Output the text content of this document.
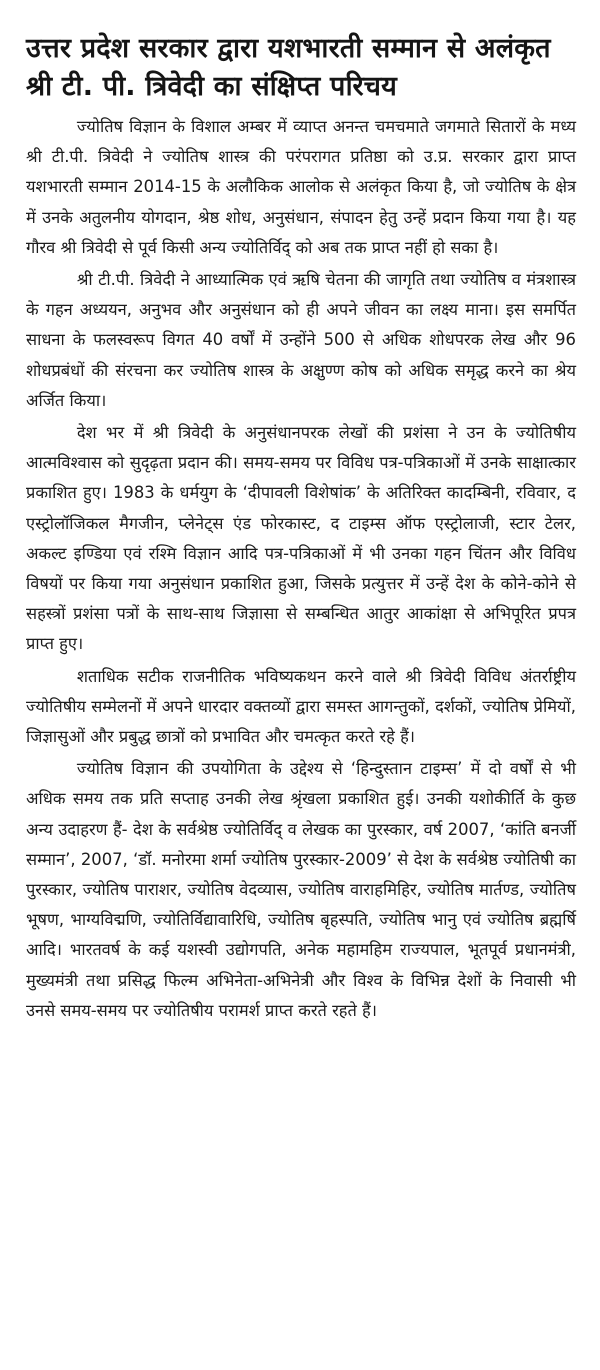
उत्तर प्रदेश सरकार द्वारा यशभारती सम्मान से अलंकृत श्री टी. पी. त्रिवेदी का संक्षिप्त परिचय

ज्योतिष विज्ञान के विशाल अम्बर में व्याप्त अनन्त चमचमाते जगमाते सितारों के मध्य श्री टी.पी. त्रिवेदी ने ज्योतिष शास्त्र की परंपरागत प्रतिष्ठा को उ.प्र. सरकार द्वारा प्राप्त यशभारती सम्मान 2014-15 के अलौकिक आलोक से अलंकृत किया है, जो ज्योतिष के क्षेत्र में उनके अतुलनीय योगदान, श्रेष्ठ शोध, अनुसंधान, संपादन हेतु उन्हें प्रदान किया गया है। यह गौरव श्री त्रिवेदी से पूर्व किसी अन्य ज्योतिर्विद् को अब तक प्राप्त नहीं हो सका है।

श्री टी.पी. त्रिवेदी ने आध्यात्मिक एवं ऋषि चेतना की जागृति तथा ज्योतिष व मंत्रशास्त्र के गहन अध्ययन, अनुभव और अनुसंधान को ही अपने जीवन का लक्ष्य माना। इस समर्पित साधना के फलस्वरूप विगत 40 वर्षों में उन्होंने 500 से अधिक शोधपरक लेख और 96 शोधप्रबंधों की संरचना कर ज्योतिष शास्त्र के अक्षुण्ण कोष को अधिक समृद्ध करने का श्रेय अर्जित किया।

देश भर में श्री त्रिवेदी के अनुसंधानपरक लेखों की प्रशंसा ने उन के ज्योतिषीय आत्मविश्वास को सुदृढ़ता प्रदान की। समय-समय पर विविध पत्र-पत्रिकाओं में उनके साक्षात्कार प्रकाशित हुए। 1983 के धर्मयुग के ‘दीपावली विशेषांक’ के अतिरिक्त कादम्बिनी, रविवार, द एस्ट्रोलॉजिकल मैगजीन, प्लेनेट्स एंड फोरकास्ट, द टाइम्स ऑफ एस्ट्रोलाजी, स्टार टेलर, अकल्ट इण्डिया एवं रश्मि विज्ञान आदि पत्र-पत्रिकाओं में भी उनका गहन चिंतन और विविध विषयों पर किया गया अनुसंधान प्रकाशित हुआ, जिसके प्रत्युत्तर में उन्हें देश के कोने-कोने से सहस्त्रों प्रशंसा पत्रों के साथ-साथ जिज्ञासा से सम्बन्धित आतुर आकांक्षा से अभिपूरित प्रपत्र प्राप्त हुए।

शताधिक सटीक राजनीतिक भविष्यकथन करने वाले श्री त्रिवेदी विविध अंतर्राष्ट्रीय ज्योतिषीय सम्मेलनों में अपने धारदार वक्तव्यों द्वारा समस्त आगन्तुकों, दर्शकों, ज्योतिष प्रेमियों, जिज्ञासुओं और प्रबुद्ध छात्रों को प्रभावित और चमत्कृत करते रहे हैं।

ज्योतिष विज्ञान की उपयोगिता के उद्देश्य से ‘हिन्दुस्तान टाइम्स’ में दो वर्षों से भी अधिक समय तक प्रति सप्ताह उनकी लेख श्रृंखला प्रकाशित हुई। उनकी यशोकीर्ति के कुछ अन्य उदाहरण हैं- देश के सर्वश्रेष्ठ ज्योतिर्विद् व लेखक का पुरस्कार, वर्ष 2007, ‘कांति बनर्जी सम्मान’, 2007, ‘डॉ. मनोरमा शर्मा ज्योतिष पुरस्कार-2009’ से देश के सर्वश्रेष्ठ ज्योतिषी का पुरस्कार, ज्योतिष पाराशर, ज्योतिष वेदव्यास, ज्योतिष वाराहमिहिर, ज्योतिष मार्तण्ड, ज्योतिष भूषण, भाग्यविद्मणि, ज्योतिर्विद्यावारिधि, ज्योतिष बृहस्पति, ज्योतिष भानु एवं ज्योतिष ब्रह्मर्षि आदि। भारतवर्ष के कई यशस्वी उद्योगपति, अनेक महामहिम राज्यपाल, भूतपूर्व प्रधानमंत्री, मुख्यमंत्री तथा प्रसिद्ध फिल्म अभिनेता-अभिनेत्री और विश्व के विभिन्न देशों के निवासी भी उनसे समय-समय पर ज्योतिषीय परामर्श प्राप्त करते रहते हैं।
